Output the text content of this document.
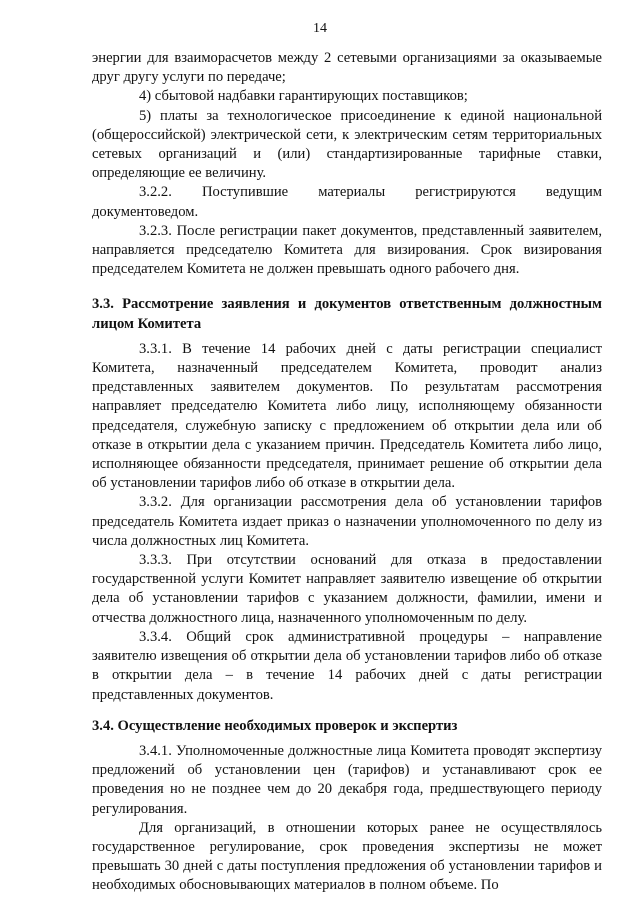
14

энергии для взаиморасчетов между 2 сетевыми организациями за оказываемые друг другу услуги по передаче;

4) сбытовой надбавки гарантирующих поставщиков;

5) платы за технологическое присоединение к единой национальной (общероссийской) электрической сети, к электрическим сетям территориальных сетевых организаций и (или) стандартизированные тарифные ставки, определяющие ее величину.

3.2.2. Поступившие материалы регистрируются ведущим документоведом.

3.2.3. После регистрации пакет документов, представленный заявителем, направляется председателю Комитета для визирования. Срок визирования председателем Комитета не должен превышать одного рабочего дня.

3.3. Рассмотрение заявления и документов ответственным должностным лицом Комитета

3.3.1. В течение 14 рабочих дней с даты регистрации специалист Комитета, назначенный председателем Комитета, проводит анализ представленных заявителем документов. По результатам рассмотрения направляет председателю Комитета либо лицу, исполняющему обязанности председателя, служебную записку с предложением об открытии дела или об отказе в открытии дела с указанием причин. Председатель Комитета либо лицо, исполняющее обязанности председателя, принимает решение об открытии дела об установлении тарифов либо об отказе в открытии дела.

3.3.2. Для организации рассмотрения дела об установлении тарифов председатель Комитета издает приказ о назначении уполномоченного по делу из числа должностных лиц Комитета.

3.3.3. При отсутствии оснований для отказа в предоставлении государственной услуги Комитет направляет заявителю извещение об открытии дела об установлении тарифов с указанием должности, фамилии, имени и отчества должностного лица, назначенного уполномоченным по делу.

3.3.4. Общий срок административной процедуры – направление заявителю извещения об открытии дела об установлении тарифов либо об отказе в открытии дела – в течение 14 рабочих дней с даты регистрации представленных документов.

3.4. Осуществление необходимых проверок и экспертиз

3.4.1. Уполномоченные должностные лица Комитета проводят экспертизу предложений об установлении цен (тарифов) и устанавливают срок ее проведения но не позднее чем до 20 декабря года, предшествующего периоду регулирования.

Для организаций, в отношении которых ранее не осуществлялось государственное регулирование, срок проведения экспертизы не может превышать 30 дней с даты поступления предложения об установлении тарифов и необходимых обосновывающих материалов в полном объеме. По
